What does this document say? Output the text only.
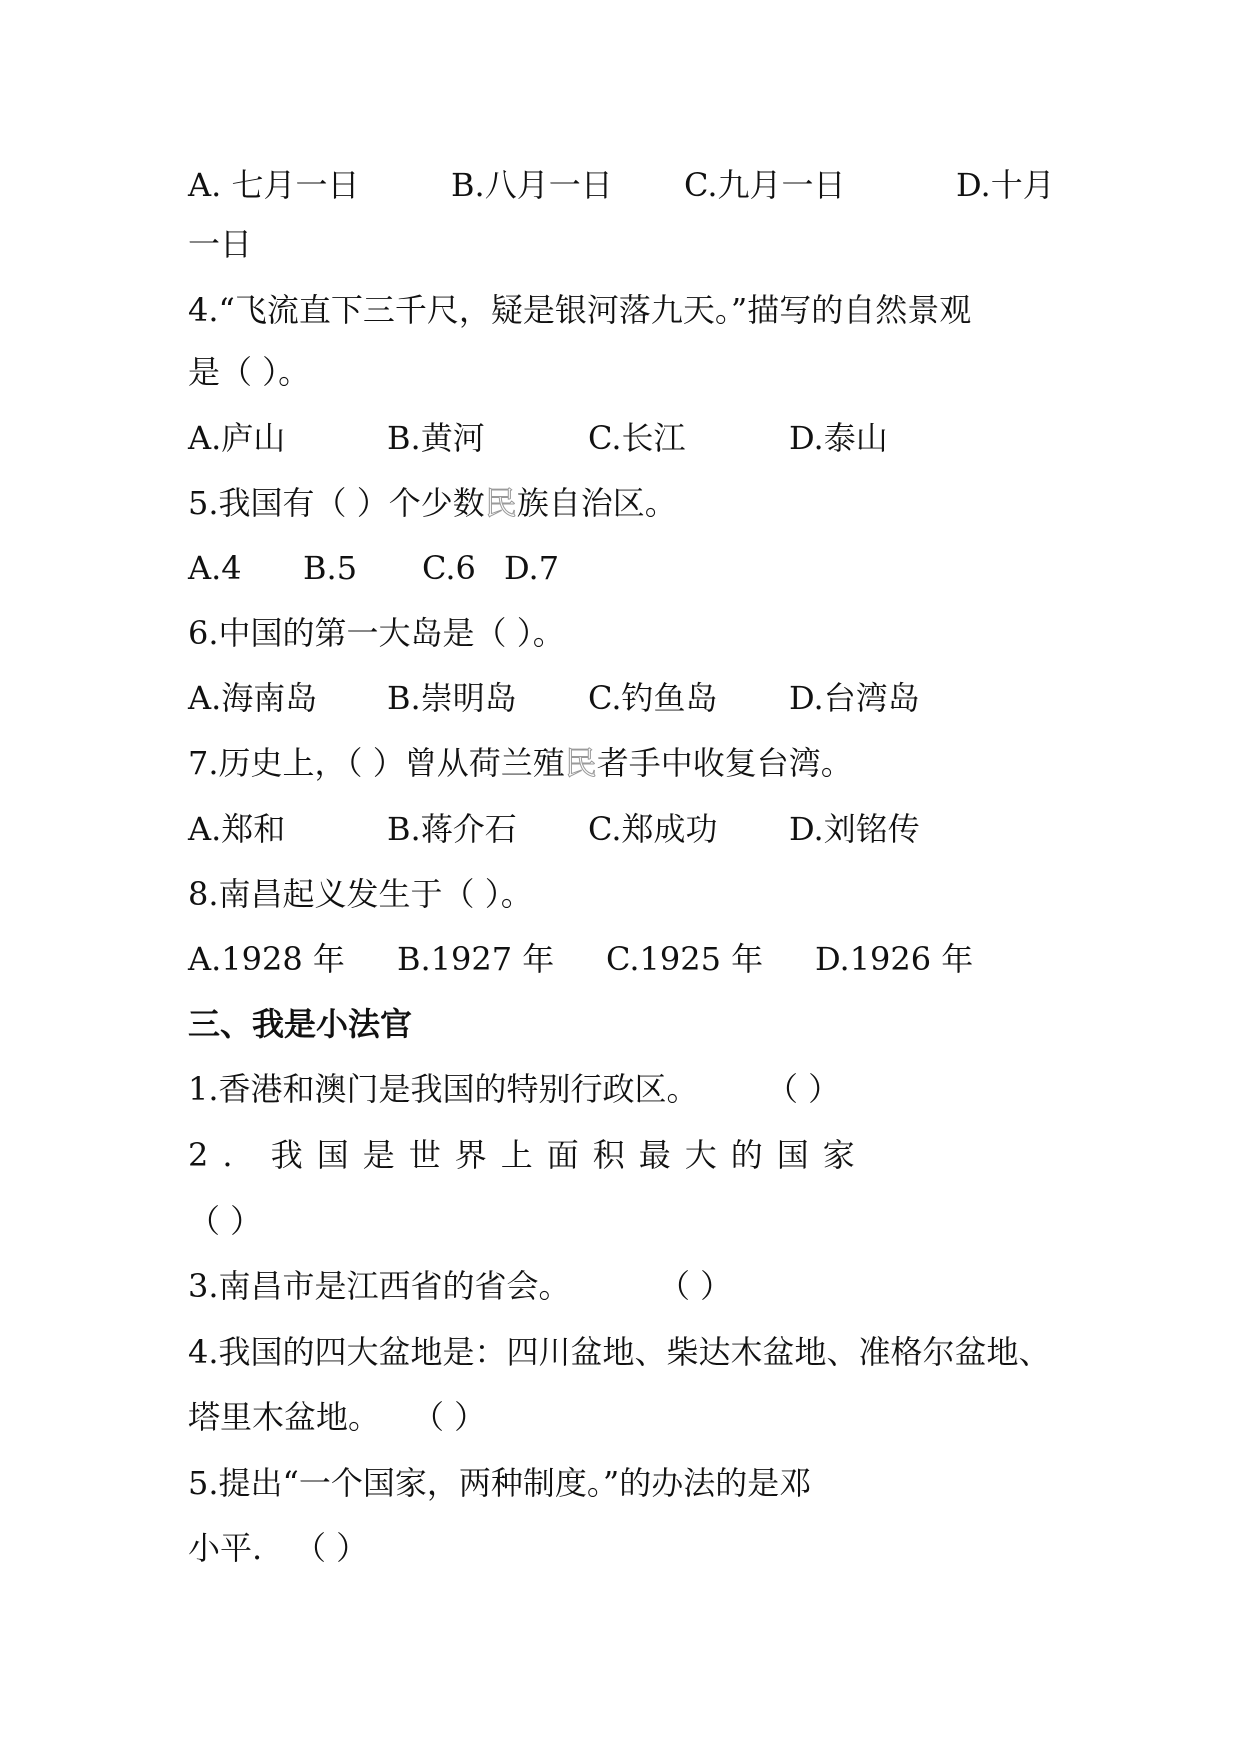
A. 七月一日	B.八月一日 C.九月一日	D.十月
一日
4.“飞流直下三千尺，疑是银河落九天。”描写的自然景观
是（ ）。
A.庐山	B.黄河	C.长江	D.泰山
5.我国有（ ）个少数民族自治区。
A.4 B.5 C.6 D.7
6.中国的第一大岛是（ ）。
A.海南岛 B.崇明岛 C.钓鱼岛 D.台湾岛
7.历史上，（ ）曾从荷兰殖民者手中收复台湾。
A.郑和	B.蒋介石 C.郑成功 D.刘铭传
8.南昌起义发生于（ ）。
A.1928 年 B.1927 年 C.1925 年 D.1926 年
三、我是小法官
1.香港和澳门是我国的特别行政区。 （ ）
2. 我国是世界上面积最大的国家
（ ）
3.南昌市是江西省的省会。	（ ）
4.我国的四大盆地是：四川盆地、柴达木盆地、准格尔盆地、
塔里木盆地。 （ ）
5.提出“一个国家，两种制度。”的办法的是邓
小平. （ ）
